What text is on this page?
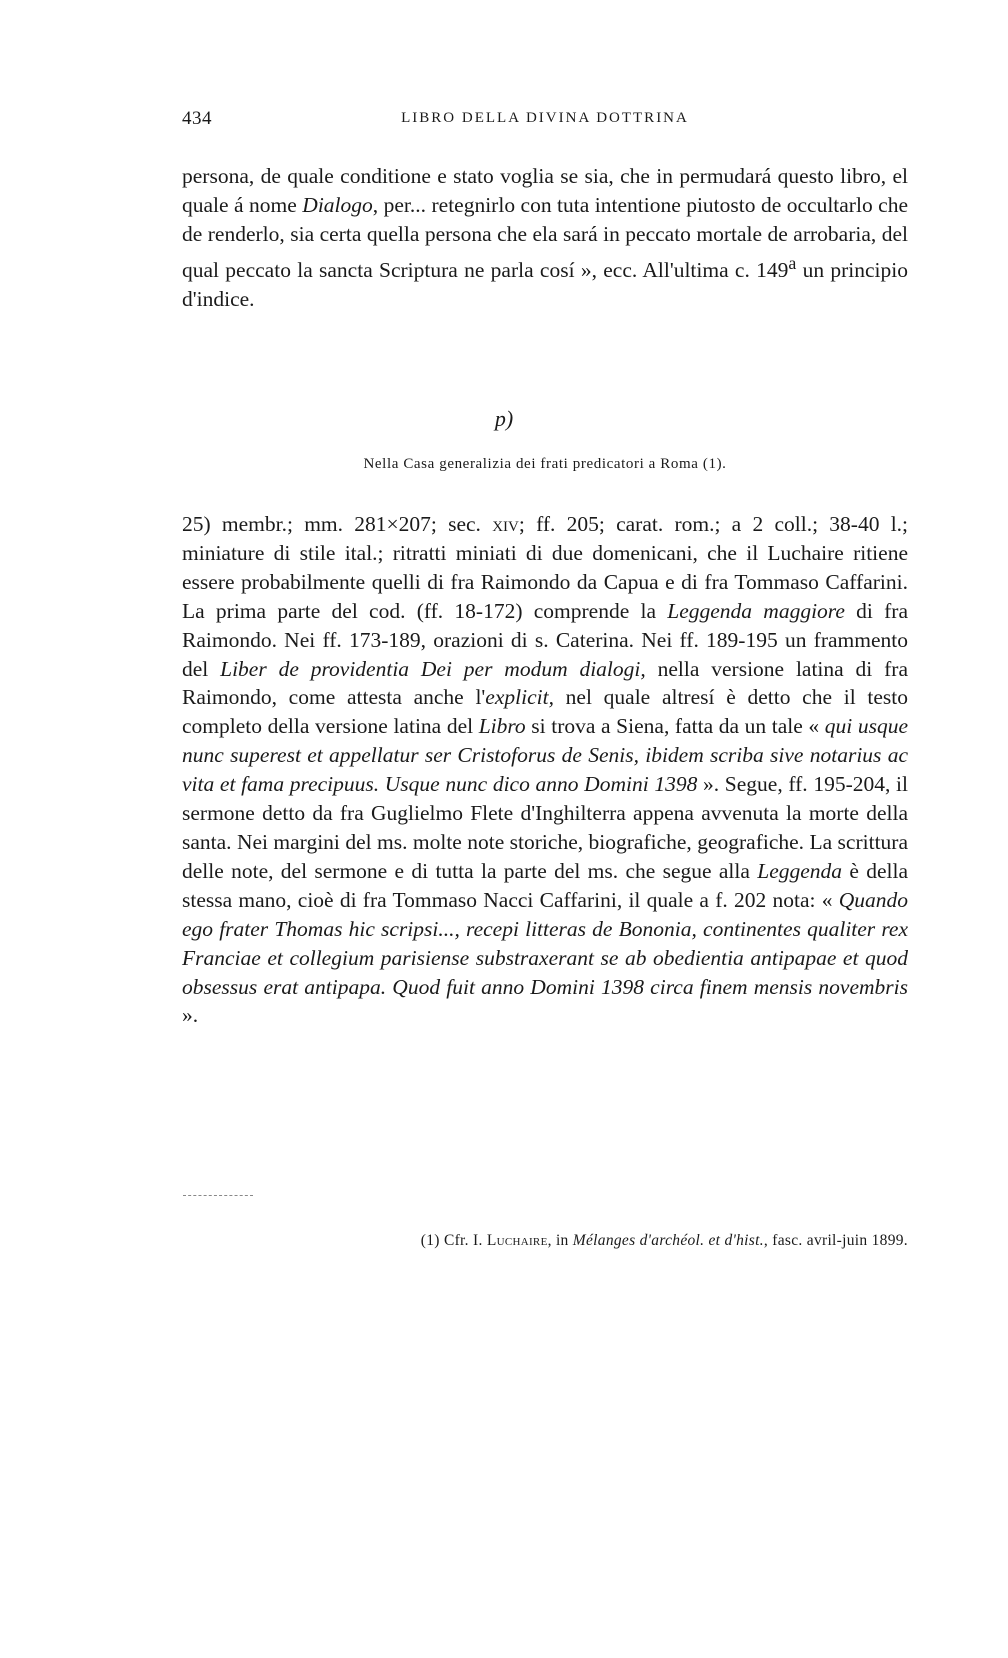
434	LIBRO DELLA DIVINA DOTTRINA

persona, de quale conditione e stato voglia se sia, che in permudará questo libro, el quale á nome Dialogo, per... retegnirlo con tuta intentione piutosto de occultarlo che de renderlo, sia certa quella persona che ela sará in peccato mortale de arrobaria, del qual peccato la sancta Scriptura ne parla cosí », ecc. All'ultima c. 149$^a$ un principio d'indice.

p)
Nella Casa generalizia dei frati predicatori a Roma (1).

25) membr.; mm. 281×207; sec. xiv; ff. 205; carat. rom.; a 2 coll.; 38-40 l.; miniature di stile ital.; ritratti miniati di due domenicani, che il Luchaire ritiene essere probabilmente quelli di fra Raimondo da Capua e di fra Tommaso Caffarini. La prima parte del cod. (ff. 18-172) comprende la Leggenda maggiore di fra Raimondo. Nei ff. 173-189, orazioni di s. Caterina. Nei ff. 189-195 un frammento del Liber de providentia Dei per modum dialogi, nella versione latina di fra Raimondo, come attesta anche l'explicit, nel quale altresí è detto che il testo completo della versione latina del Libro si trova a Siena, fatta da un tale « qui usque nunc superest et appellatur ser Cristoforus de Senis, ibidem scriba sive notarius ac vita et fama precipuus. Usque nunc dico anno Domini 1398 ». Segue, ff. 195-204, il sermone detto da fra Guglielmo Flete d'Inghilterra appena avvenuta la morte della santa. Nei margini del ms. molte note storiche, biografiche, geografiche. La scrittura delle note, del sermone e di tutta la parte del ms. che segue alla Leggenda è della stessa mano, cioè di fra Tommaso Nacci Caffarini, il quale a f. 202 nota: « Quando ego frater Thomas hic scripsi..., recepi litteras de Bononia, continentes qualiter rex Franciae et collegium parisiense substraxerant se ab obedientia antipapae et quod obsessus erat antipapa. Quod fuit anno Domini 1398 circa finem mensis novembris ».

(1) Cfr. I. Luchaire, in Mélanges d'archéol. et d'hist., fasc. avril-juin 1899.
